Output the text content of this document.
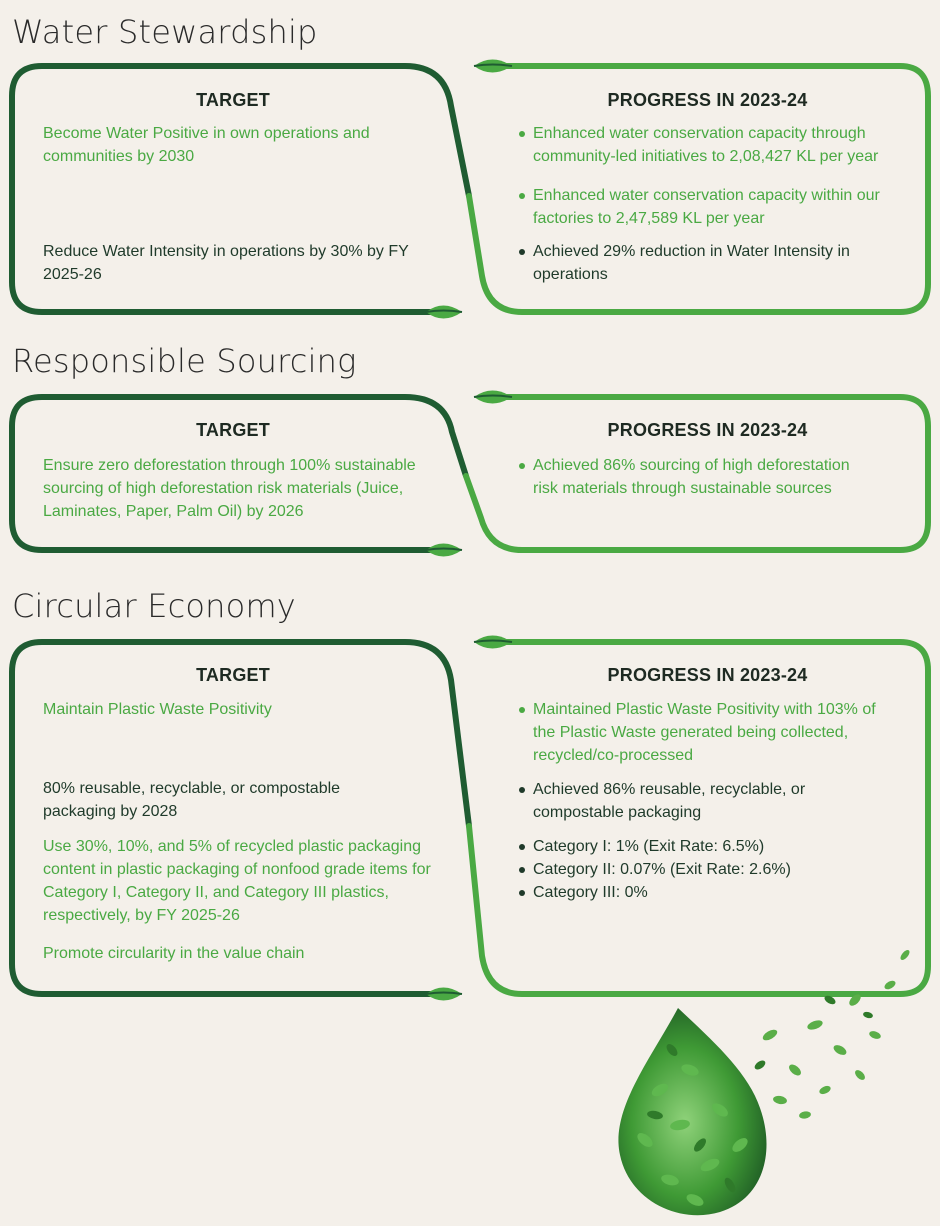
Water Stewardship
TARGET

Become Water Positive in own operations and communities by 2030

Reduce Water Intensity in operations by 30% by FY 2025-26

PROGRESS IN 2023-24
Enhanced water conservation capacity through community-led initiatives to 2,08,427 KL per year
Enhanced water conservation capacity within our factories to 2,47,589 KL per year
Achieved 29% reduction in Water Intensity in operations
Responsible Sourcing
TARGET

Ensure zero deforestation through 100% sustainable sourcing of high deforestation risk materials (Juice, Laminates, Paper, Palm Oil) by 2026

PROGRESS IN 2023-24
Achieved 86% sourcing of high deforestation risk materials through sustainable sources
Circular Economy
TARGET

Maintain Plastic Waste Positivity

80% reusable, recyclable, or compostable packaging by 2028

Use 30%, 10%, and 5% of recycled plastic packaging content in plastic packaging of nonfood grade items for Category I, Category II, and Category III plastics, respectively, by FY 2025-26

Promote circularity in the value chain

PROGRESS IN 2023-24
Maintained Plastic Waste Positivity with 103% of the Plastic Waste generated being collected, recycled/co-processed
Achieved 86% reusable, recyclable, or compostable packaging
Category I: 1% (Exit Rate: 6.5%)
Category II: 0.07% (Exit Rate: 2.6%)
Category III: 0%
